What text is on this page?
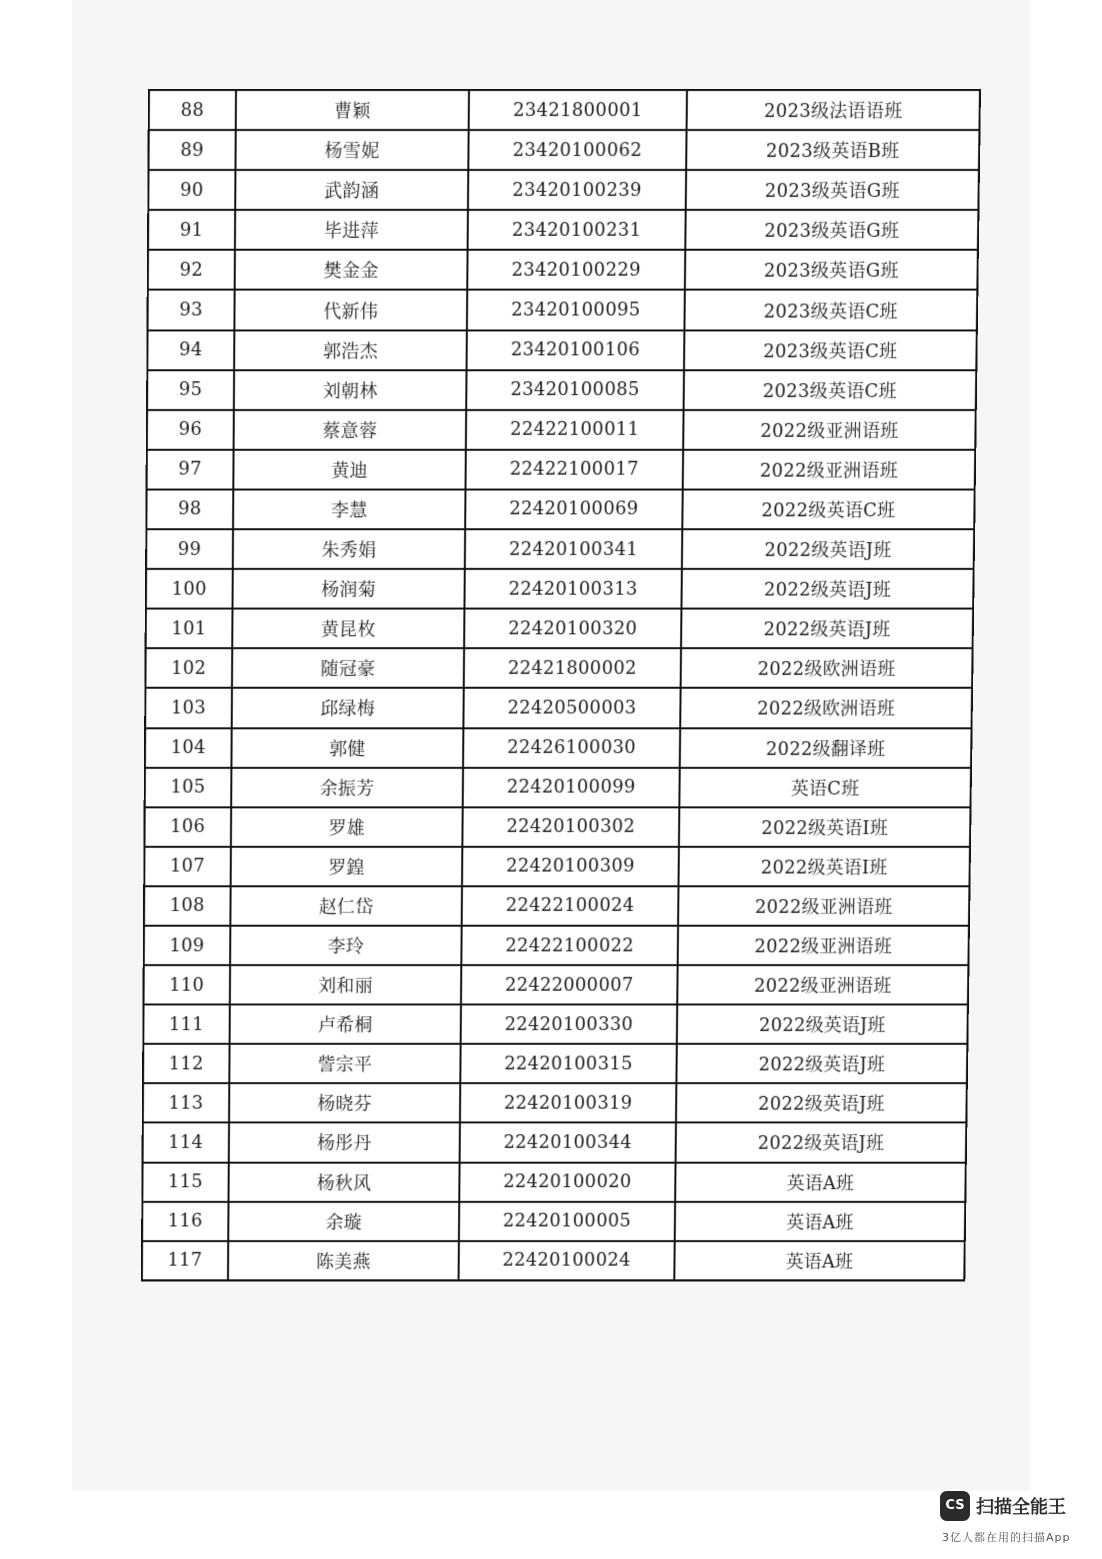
88	曹颖	23421800001	2023级法语语班
89	杨雪妮	23420100062	2023级英语B班
90	武韵涵	23420100239	2023级英语G班
91	毕进萍	23420100231	2023级英语G班
92	樊金金	23420100229	2023级英语G班
93	代新伟	23420100095	2023级英语C班
94	郭浩杰	23420100106	2023级英语C班
95	刘朝林	23420100085	2023级英语C班
96	蔡意蓉	22422100011	2022级亚洲语班
97	黄迪	22422100017	2022级亚洲语班
98	李慧	22420100069	2022级英语C班
99	朱秀娟	22420100341	2022级英语J班
100	杨润菊	22420100313	2022级英语J班
101	黄昆枚	22420100320	2022级英语J班
102	随冠豪	22421800002	2022级欧洲语班
103	邱绿梅	22420500003	2022级欧洲语班
104	郭健	22426100030	2022级翻译班
105	余振芳	22420100099	英语C班
106	罗雄	22420100302	2022级英语I班
107	罗鍠	22420100309	2022级英语I班
108	赵仁岱	22422100024	2022级亚洲语班
109	李玲	22422100022	2022级亚洲语班
110	刘和丽	22422000007	2022级亚洲语班
111	卢希桐	22420100330	2022级英语J班
112	訾宗平	22420100315	2022级英语J班
113	杨晓芬	22420100319	2022级英语J班
114	杨彤丹	22420100344	2022级英语J班
115	杨秋风	22420100020	英语A班
116	余璇	22420100005	英语A班
117	陈美燕	22420100024	英语A班
CS 扫描全能王
3亿人都在用的扫描App
